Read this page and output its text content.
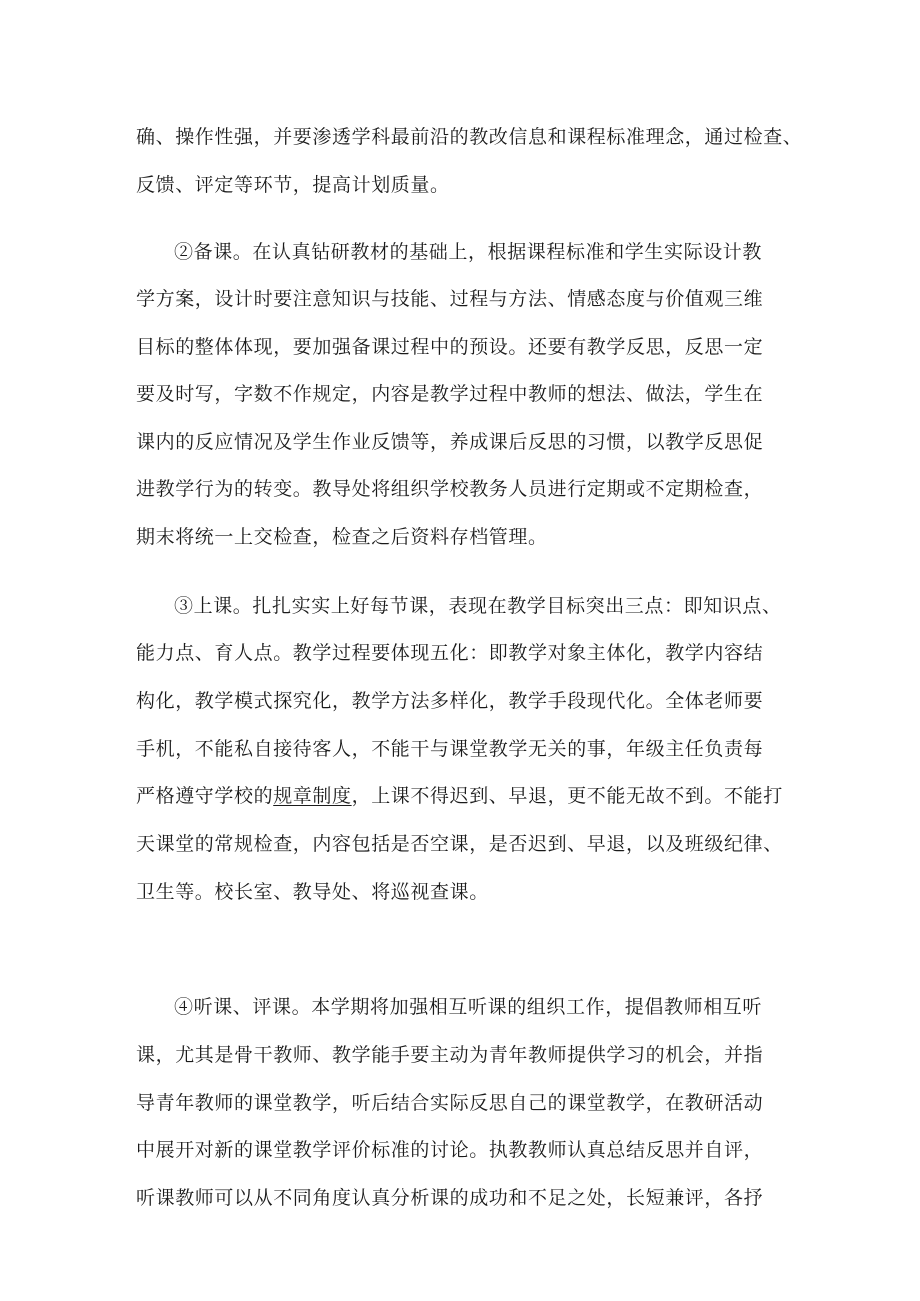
确、操作性强，并要渗透学科最前沿的教改信息和课程标准理念，通过检查、
反馈、评定等环节，提高计划质量。
②备课。在认真钻研教材的基础上，根据课程标准和学生实际设计教
学方案，设计时要注意知识与技能、过程与方法、情感态度与价值观三维
目标的整体体现，要加强备课过程中的预设。还要有教学反思，反思一定
要及时写，字数不作规定，内容是教学过程中教师的想法、做法，学生在
课内的反应情况及学生作业反馈等，养成课后反思的习惯，以教学反思促
进教学行为的转变。教导处将组织学校教务人员进行定期或不定期检查，
期末将统一上交检查，检查之后资料存档管理。
③上课。扎扎实实上好每节课，表现在教学目标突出三点：即知识点、
能力点、育人点。教学过程要体现五化：即教学对象主体化，教学内容结
构化，教学模式探究化，教学方法多样化，教学手段现代化。全体老师要
手机，不能私自接待客人，不能干与课堂教学无关的事，年级主任负责每
严格遵守学校的规章制度，上课不得迟到、早退，更不能无故不到。不能打
天课堂的常规检查，内容包括是否空课，是否迟到、早退，以及班级纪律、
卫生等。校长室、教导处、将巡视查课。
④听课、评课。本学期将加强相互听课的组织工作，提倡教师相互听
课，尤其是骨干教师、教学能手要主动为青年教师提供学习的机会，并指
导青年教师的课堂教学，听后结合实际反思自己的课堂教学，在教研活动
中展开对新的课堂教学评价标准的讨论。执教教师认真总结反思并自评，
听课教师可以从不同角度认真分析课的成功和不足之处，长短兼评，各抒
